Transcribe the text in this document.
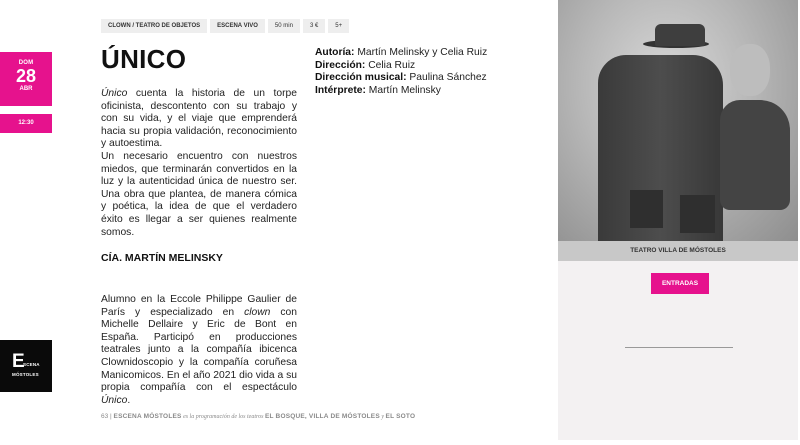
DOM
28
ABR
12:30
E
SCENA
MÓSTOLES
CLOWN / TEATRO DE OBJETOS	ESCENA VIVO	50 min	3 €	5+
ÚNICO

Único cuenta la historia de un torpe oficinista, descontento con su trabajo y con su vida, y el viaje que emprenderá hacia su propia validación, reconocimiento y autoestima.

Un necesario encuentro con nuestros miedos, que terminarán convertidos en la luz y la autenticidad única de nuestro ser. Una obra que plantea, de manera cómica y poética, la idea de que el verdadero éxito es llegar a ser quienes realmente somos.

CÍA. MARTÍN MELINSKY
Alumno en la Eccole Philippe Gaulier de París y especializado en clown con Michelle Dellaire y Eric de Bont en España. Participó en producciones teatrales junto a la compañía ibicenca Clownidoscopio y la compañía coruñesa Manicomicos. En el año 2021 dio vida a su propia compañía con el espectáculo Único.
Autoría: Martín Melinsky y Celia Ruiz
Dirección: Celia Ruiz
Dirección musical: Paulina Sánchez
Intérprete: Martín Melinsky
TEATRO VILLA DE MÓSTOLES
ENTRADAS
63 | ESCENA MÓSTOLES es la programación de los teatros EL BOSQUE, VILLA DE MÓSTOLES y EL SOTO
